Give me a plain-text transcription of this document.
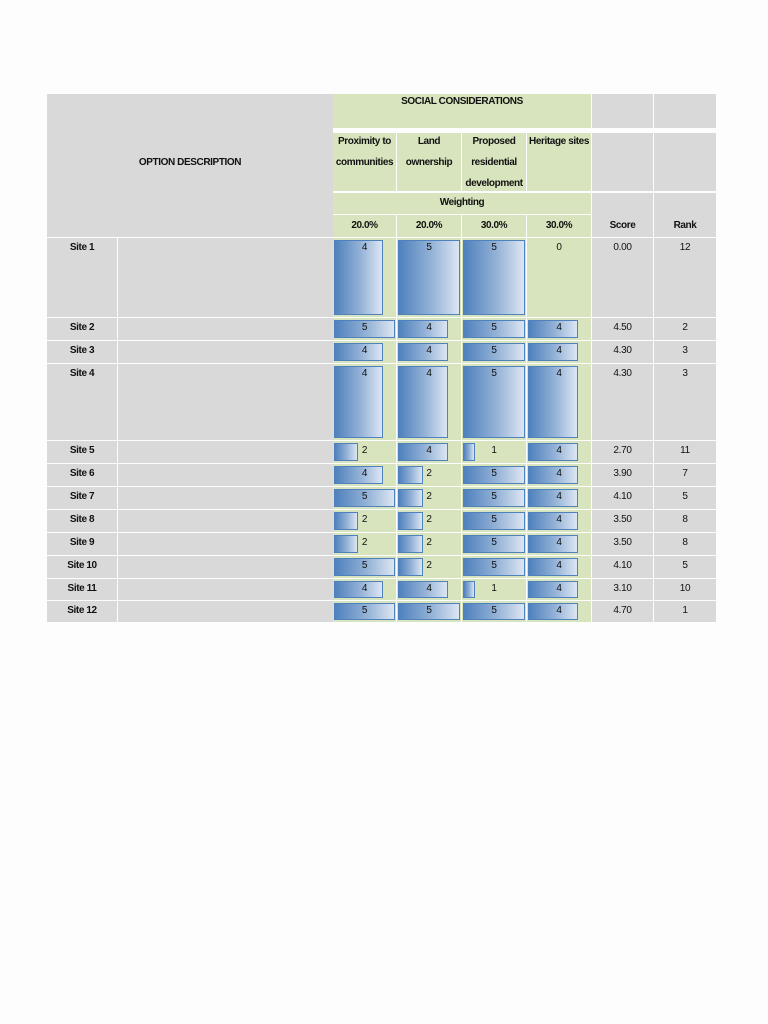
OPTION DESCRIPTION
SOCIAL CONSIDERATIONS
Proximity to
communities
Land ownership
Proposed
residential
development
Heritage sites
Weighting
20.0%	20.0%	30.0%	30.0%	Score	Rank
Site 1	4	5	5	0	0.00	12
Site 2	5	4	5	4	4.50	2
Site 3	4	4	5	4	4.30	3
Site 4	4	4	5	4	4.30	3
Site 5	2	4	1	4	2.70	11
Site 6	4	2	5	4	3.90	7
Site 7	5	2	5	4	4.10	5
Site 8	2	2	5	4	3.50	8
Site 9	2	2	5	4	3.50	8
Site 10	5	2	5	4	4.10	5
Site 11	4	4	1	4	3.10	10
Site 12	5	5	5	4	4.70	1
